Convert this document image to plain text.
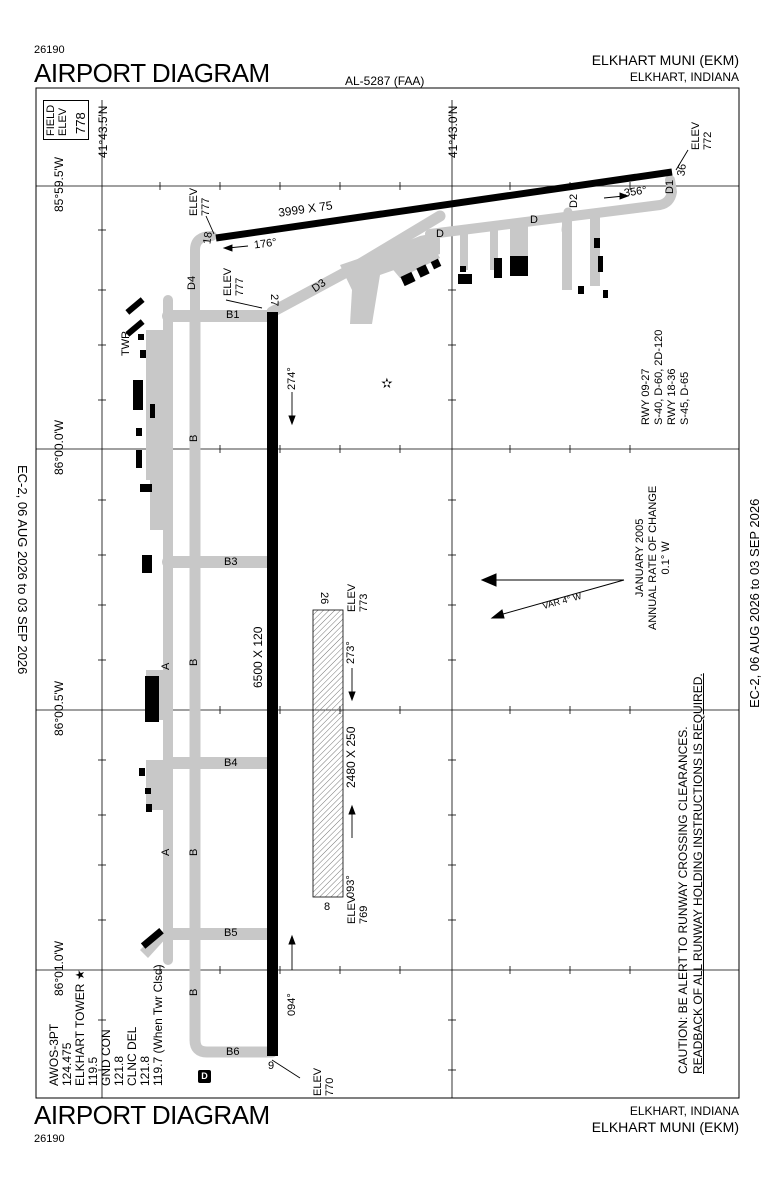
26190
AIRPORT DIAGRAM	AL-5287 (FAA)
ELKHART MUNI (EKM)
ELKHART, INDIANA
AIRPORT DIAGRAM
26190
ELKHART, INDIANA
ELKHART MUNI (EKM)
EC-2, 06 AUG 2026 to 03 SEP 2026	EC-2, 06 AUG 2026 to 03 SEP 2026
✫
FIELD ELEV 778 41°43.5'N	41°43.0'N
85°59.5'W
86°00.0'W
86°00.5'W
86°01.0'W
6500 X 120
27
9
274°
094°
ELEV 777
ELEV 770
3999 X 75
18
36
176°
356°
ELEV 777
ELEV 772
2480 X 250
26
8
273°
093°
ELEV 773
ELEV 769
B1
B3
B4
B5
B6
B
B
B
B
A
A
D
D
D1
D2
D3
D4
TWR
RWY 09-27 S-40, D-60, 2D-120 RWY 18-36 S-45, D-65
JANUARY 2005 ANNUAL RATE OF CHANGE 0.1° W
VAR 4° W
CAUTION: BE ALERT TO RUNWAY CROSSING CLEARANCES. READBACK OF ALL RUNWAY HOLDING INSTRUCTIONS IS REQUIRED.
AWOS-3PT 124.475 ELKHART TOWER ★ 119.5 GND CON 121.8 CLNC DEL 121.8 119.7 (When Twr Clsd)	D
